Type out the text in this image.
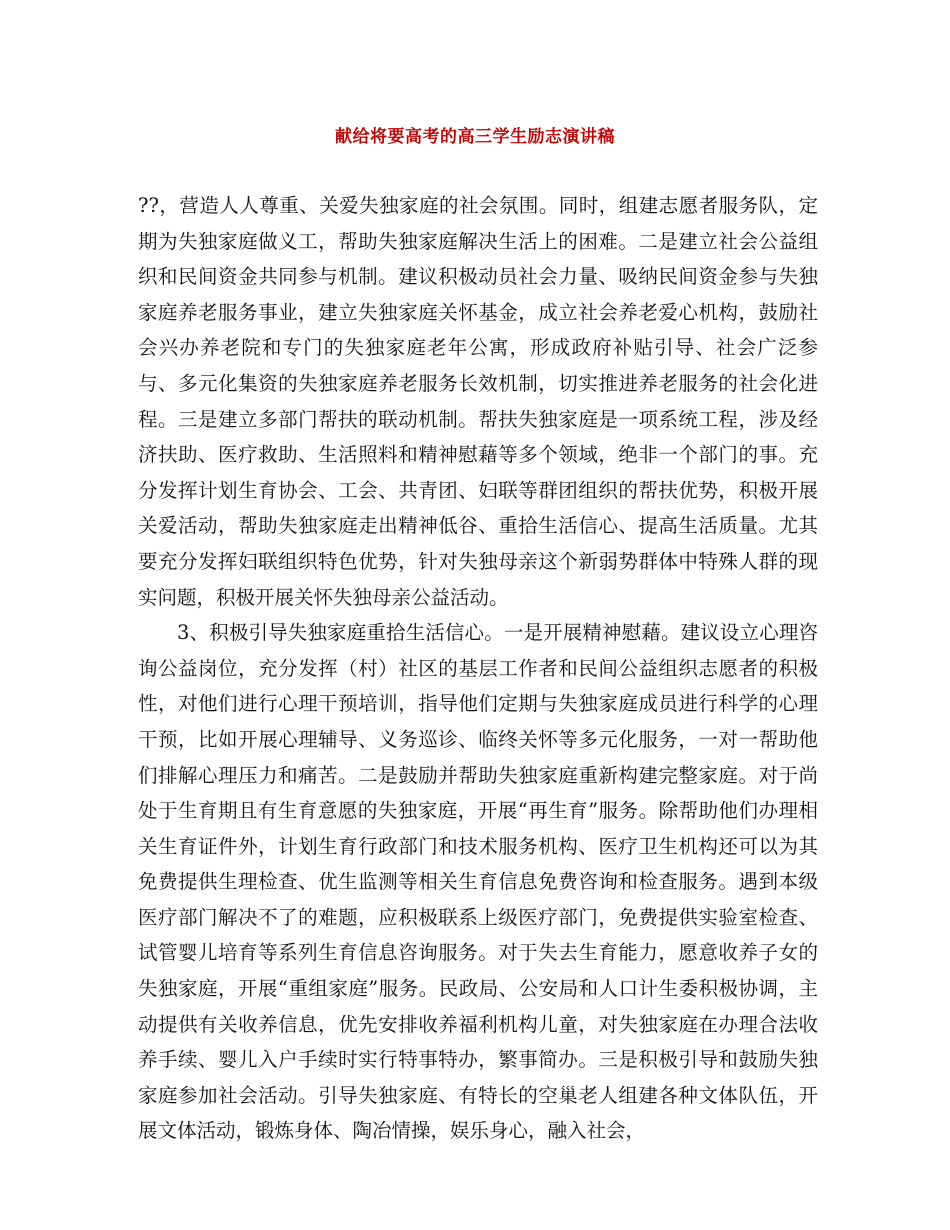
献给将要高考的高三学生励志演讲稿

??，营造人人尊重、关爱失独家庭的社会氛围。同时，组建志愿者服务队，定期为失独家庭做义工，帮助失独家庭解决生活上的困难。二是建立社会公益组织和民间资金共同参与机制。建议积极动员社会力量、吸纳民间资金参与失独家庭养老服务事业，建立失独家庭关怀基金，成立社会养老爱心机构，鼓励社会兴办养老院和专门的失独家庭老年公寓，形成政府补贴引导、社会广泛参与、多元化集资的失独家庭养老服务长效机制，切实推进养老服务的社会化进程。三是建立多部门帮扶的联动机制。帮扶失独家庭是一项系统工程，涉及经济扶助、医疗救助、生活照料和精神慰藉等多个领域，绝非一个部门的事。充分发挥计划生育协会、工会、共青团、妇联等群团组织的帮扶优势，积极开展关爱活动，帮助失独家庭走出精神低谷、重拾生活信心、提高生活质量。尤其要充分发挥妇联组织特色优势，针对失独母亲这个新弱势群体中特殊人群的现实问题，积极开展关怀失独母亲公益活动。

3、积极引导失独家庭重拾生活信心。一是开展精神慰藉。建议设立心理咨询公益岗位，充分发挥（村）社区的基层工作者和民间公益组织志愿者的积极性，对他们进行心理干预培训，指导他们定期与失独家庭成员进行科学的心理干预，比如开展心理辅导、义务巡诊、临终关怀等多元化服务，一对一帮助他们排解心理压力和痛苦。二是鼓励并帮助失独家庭重新构建完整家庭。对于尚处于生育期且有生育意愿的失独家庭，开展“再生育”服务。除帮助他们办理相关生育证件外，计划生育行政部门和技术服务机构、医疗卫生机构还可以为其免费提供生理检查、优生监测等相关生育信息免费咨询和检查服务。遇到本级医疗部门解决不了的难题，应积极联系上级医疗部门，免费提供实验室检查、试管婴儿培育等系列生育信息咨询服务。对于失去生育能力，愿意收养子女的失独家庭，开展“重组家庭”服务。民政局、公安局和人口计生委积极协调，主动提供有关收养信息，优先安排收养福利机构儿童，对失独家庭在办理合法收养手续、婴儿入户手续时实行特事特办，繁事简办。三是积极引导和鼓励失独家庭参加社会活动。引导失独家庭、有特长的空巢老人组建各种文体队伍，开展文体活动，锻炼身体、陶冶情操，娱乐身心，融入社会，
